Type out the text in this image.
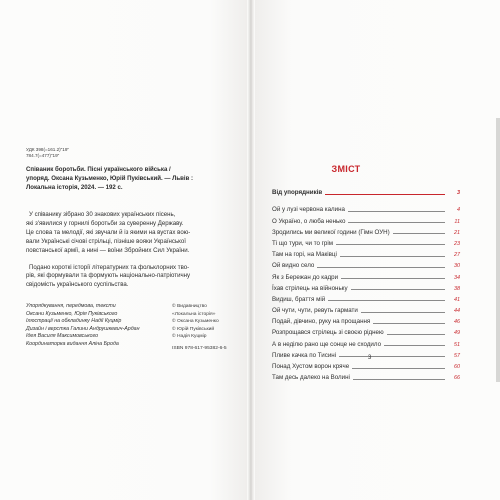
УДК 398(=161.2)"19"
784.7(=477)"19"
Співаник боротьби. Пісні українського війська /
упоряд. Оксана Кузьменко, Юрій Пуківський. — Львів :
Локальна історія, 2024. — 192 с.
У співанику зібрано 30 знакових українських пісень,
які з'явилися у горнилі боротьби за суверенну Державу.
Це слова та мелодії, які звучали й із якими на вустах вою-
вали Українські січові стрільці, пізніше вояки Української
повстанської армії, а нині — воїни Збройних Сил України.
Подано короткі історії літературних та фольклорних тво-
рів, які формували та формують національно-патріотичну
свідомість українського суспільства.
Упорядкування, передмова, тексти
Оксани Кузьменко, Юрія Пуківського
Ілюстрації на обкладинку Надії Куцмір
Дизайн і верстка Галини Андрушкевич-Ардан
Ідея Василя Максимовського
Координаторка видання Аліна Брода
© Видавництво
«Локальна історія»
© Оксана Кузьменко
© Юрій Пуківський
© Надія Куцмір
ISBN 978-617-95382-6-5
ЗМІСТ
Від упорядників	3
Ой у лузі червона калина	4
О Україно, о люба ненько	11
Зродились ми великої години (Гімн ОУН)	21
Ті що тури, чи то грім	23
Там на горі, на Маківці	27
Ой видно село	30
Як з Бережан до кадри	34
Їхав стрілець на війноньку	38
Видиш, браття мій	41
Ой чути, чути, ревуть гармати	44
Подай, дівчино, руку на прощання	46
Розпрощався стрілець зі своєю ріднею	49
А в неділю рано ще сонце не сходило	51
Пливе качка по Тисині	57
Понад Хустом ворон кряче	60
Там десь далеко на Волині	66
3
